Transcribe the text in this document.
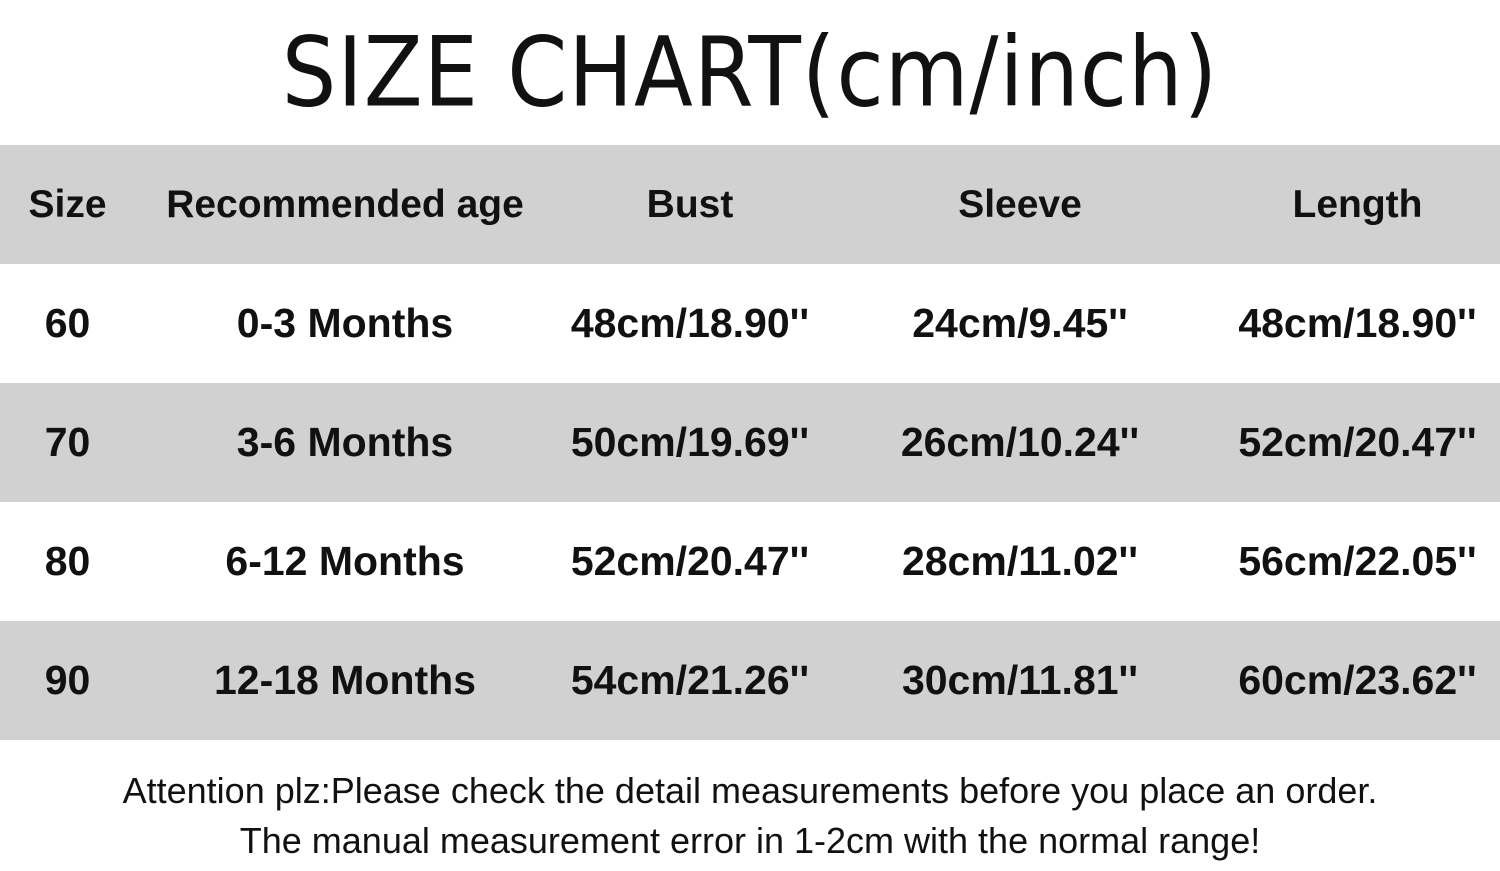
SIZE CHART(cm/inch)
Size	Recommended age	Bust	Sleeve	Length
60	0-3 Months	48cm/18.90''	24cm/9.45''	48cm/18.90''
70	3-6 Months	50cm/19.69''	26cm/10.24''	52cm/20.47''
80	6-12 Months	52cm/20.47''	28cm/11.02''	56cm/22.05''
90	12-18 Months	54cm/21.26''	30cm/11.81''	60cm/23.62''
Attention plz:Please check the detail measurements before you place an order.
The manual measurement error in 1-2cm with the normal range!
